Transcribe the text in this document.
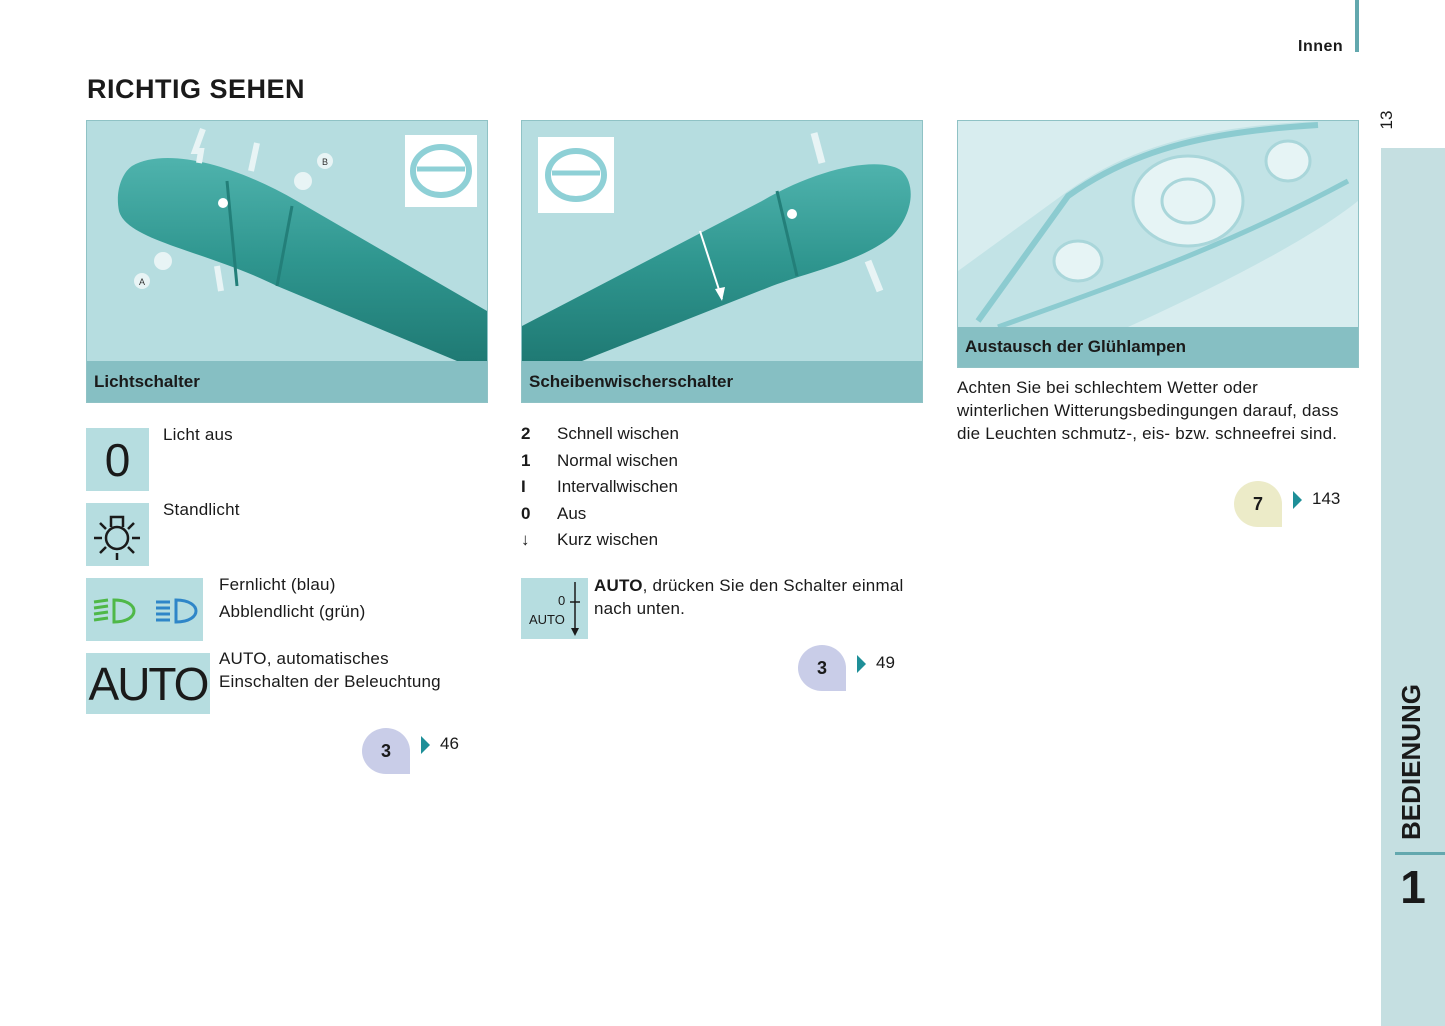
Innen
13
RICHTIG SEHEN
BEDIENUNG
1
A
B
Lichtschalter	Scheibenwischerschalter
Austausch der Glühlampen
0	Licht aus
Standlicht
Fernlicht (blau)
Abblendlicht (grün)
AUTO AUTO, automatisches
Einschalten der Beleuchtung
3	46
2 Schnell wischen
1 Normal wischen
I Intervallwischen
0 Aus
↓ Kurz wischen
0
AUTO
AUTO, drücken Sie den Schalter einmal
nach unten.
3	49
Achten Sie bei schlechtem Wetter oder
winterlichen Witterungsbedingungen darauf, dass
die Leuchten schmutz-, eis- bzw. schneefrei sind.
7	143
